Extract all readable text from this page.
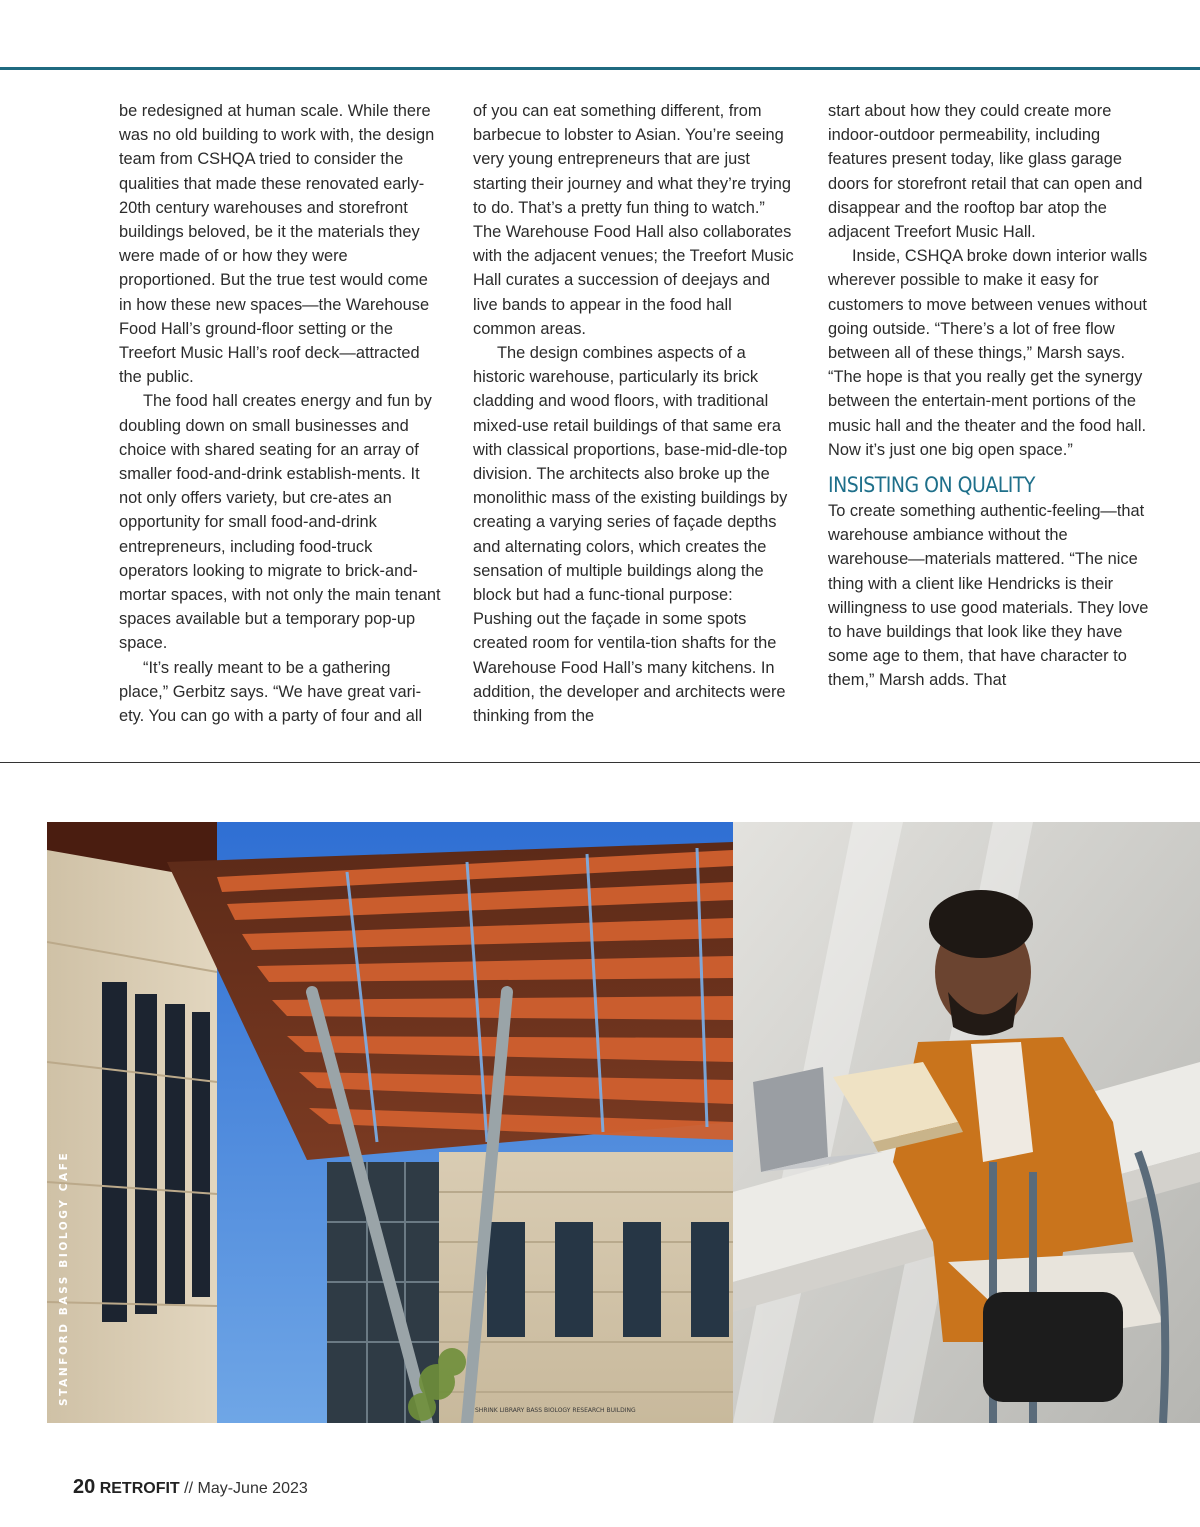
be redesigned at human scale. While there was no old building to work with, the design team from CSHQA tried to consider the qualities that made these renovated early-20th century warehouses and storefront buildings beloved, be it the materials they were made of or how they were proportioned. But the true test would come in how these new spaces—the Warehouse Food Hall’s ground-floor setting or the Treefort Music Hall’s roof deck—attracted the public.

The food hall creates energy and fun by doubling down on small businesses and choice with shared seating for an array of smaller food-and-drink establish-ments. It not only offers variety, but cre-ates an opportunity for small food-and-drink entrepreneurs, including food-truck operators looking to migrate to brick-and-mortar spaces, with not only the main tenant spaces available but a temporary pop-up space.

“It’s really meant to be a gathering place,” Gerbitz says. “We have great vari-ety. You can go with a party of four and all

of you can eat something different, from barbecue to lobster to Asian. You’re seeing very young entrepreneurs that are just starting their journey and what they’re trying to do. That’s a pretty fun thing to watch.” The Warehouse Food Hall also collaborates with the adjacent venues; the Treefort Music Hall curates a succession of deejays and live bands to appear in the food hall common areas.

The design combines aspects of a historic warehouse, particularly its brick cladding and wood floors, with traditional mixed-use retail buildings of that same era with classical proportions, base-mid-dle-top division. The architects also broke up the monolithic mass of the existing buildings by creating a varying series of façade depths and alternating colors, which creates the sensation of multiple buildings along the block but had a func-tional purpose: Pushing out the façade in some spots created room for ventila-tion shafts for the Warehouse Food Hall’s many kitchens. In addition, the developer and architects were thinking from the

start about how they could create more indoor-outdoor permeability, including features present today, like glass garage doors for storefront retail that can open and disappear and the rooftop bar atop the adjacent Treefort Music Hall.

Inside, CSHQA broke down interior walls wherever possible to make it easy for customers to move between venues without going outside. “There’s a lot of free flow between all of these things,” Marsh says. “The hope is that you really get the synergy between the entertain-ment portions of the music hall and the theater and the food hall. Now it’s just one big open space.”

INSISTING ON QUALITY

To create something authentic-feeling—that warehouse ambiance without the warehouse—materials mattered. “The nice thing with a client like Hendricks is their willingness to use good materials. They love to have buildings that look like they have some age to them, that have character to them,” Marsh adds. That

SHRINK LIBRARY BASS BIOLOGY RESEARCH BUILDING
STANFORD BASS BIOLOGY CAFE
20 RETROFIT // May-June 2023
